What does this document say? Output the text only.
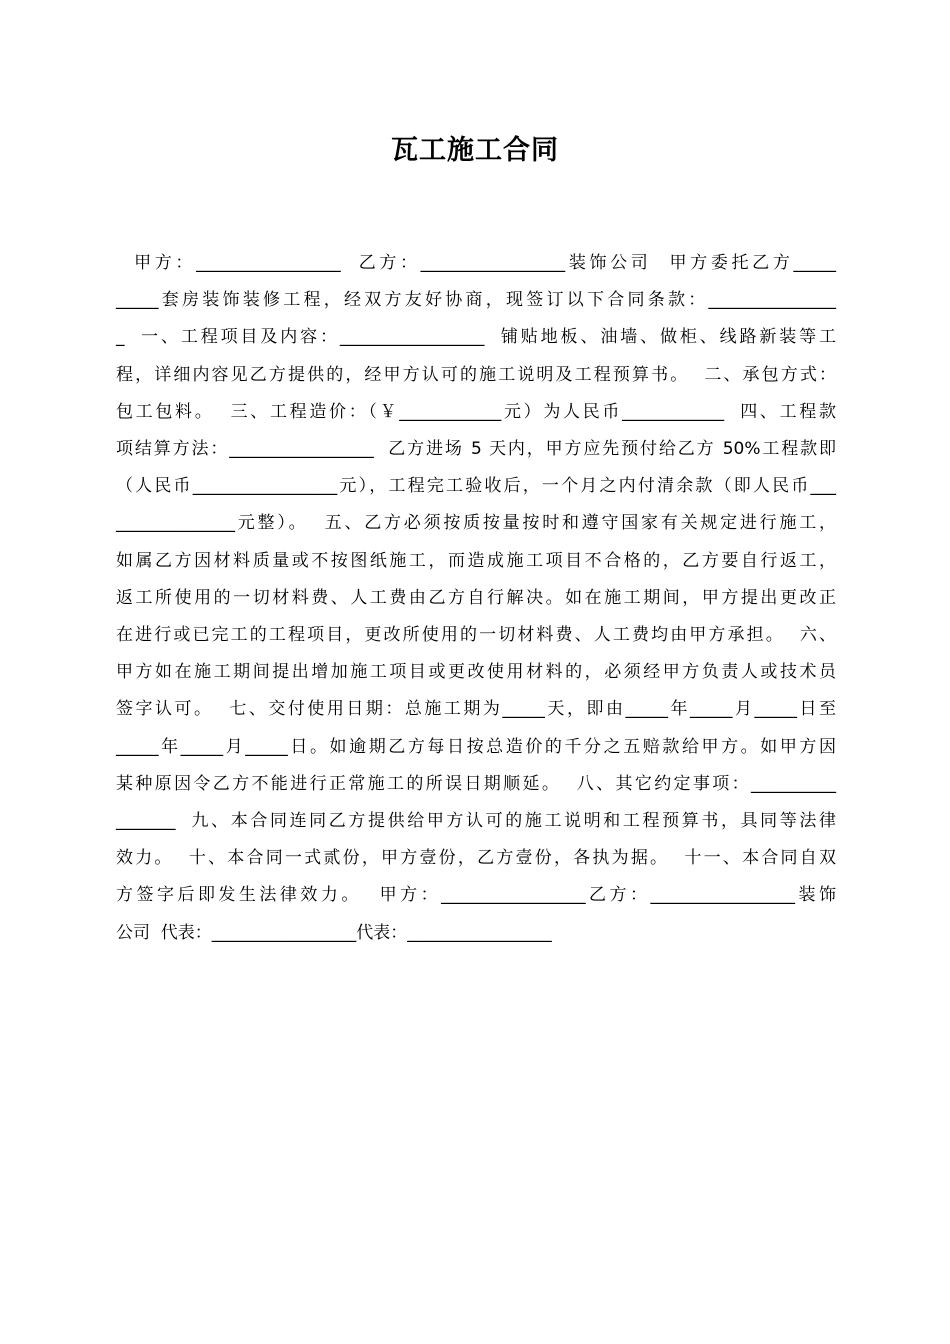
瓦工施工合同
甲方：_________________  乙方：_________________装饰公司  甲方委托乙方_____
_____套房装饰装修工程，经双方友好协商，现签订以下合同条款：_______________
_  一、工程项目及内容：_________________  铺贴地板、油墙、做柜、线路新装等工
程，详细内容见乙方提供的，经甲方认可的施工说明及工程预算书。  二、承包方式：
包工包料。  三、工程造价：（￥____________元）为人民币____________  四、工程款
项结算方法：_________________  乙方进场 5 天内，甲方应先预付给乙方 50%工程款即
（人民币_________________元），工程完工验收后，一个月之内付清余款（即人民币___
______________元整）。  五、乙方必须按质按量按时和遵守国家有关规定进行施工，
如属乙方因材料质量或不按图纸施工，而造成施工项目不合格的，乙方要自行返工，
返工所使用的一切材料费、人工费由乙方自行解决。如在施工期间，甲方提出更改正
在进行或已完工的工程项目，更改所使用的一切材料费、人工费均由甲方承担。  六、
甲方如在施工期间提出增加施工项目或更改使用材料的，必须经甲方负责人或技术员
签字认可。  七、交付使用日期：总施工期为_____天，即由_____年_____月_____日至
_____年_____月_____日。如逾期乙方每日按总造价的千分之五赔款给甲方。如甲方因
某种原因令乙方不能进行正常施工的所误日期顺延。  八、其它约定事项：__________
_______  九、本合同连同乙方提供给甲方认可的施工说明和工程预算书，具同等法律
效力。  十、本合同一式贰份，甲方壹份，乙方壹份，各执为据。  十一、本合同自双
方签字后即发生法律效力。  甲方：_________________乙方：_________________装饰
公司  代表：_________________代表：_________________
